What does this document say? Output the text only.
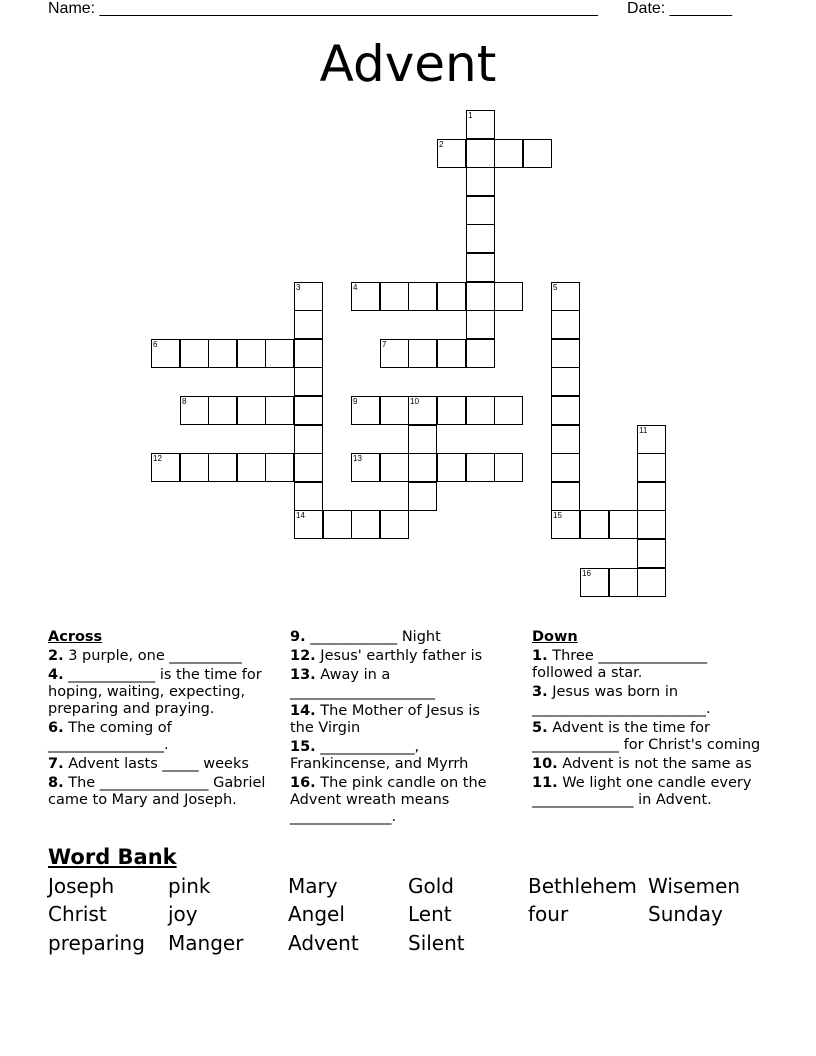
Name: ________________________________________________________ Date: _______
Advent
2
1
3	4	5
6	7
8	9	10
11
12	13
14	15
16
Across
2. 3 purple, one __________
4. ____________ is the time for hoping, waiting, expecting, preparing and praying.
6. The coming of ________________.
7. Advent lasts _____ weeks
8. The _______________ Gabriel came to Mary and Joseph.
9. ____________ Night
12. Jesus' earthly father is
13. Away in a ____________________
14. The Mother of Jesus is the Virgin
15. _____________, Frankincense, and Myrrh
16. The pink candle on the Advent wreath means ______________.
Down
1. Three _______________ followed a star.
3. Jesus was born in ________________________.
5. Advent is the time for ____________ for Christ's coming
10. Advent is not the same as
11. We light one candle every ______________ in Advent.
Word Bank
Joseph	pink	Mary	Gold	Bethlehem Wisemen
Christ	joy	Angel	Lent	four	Sunday
preparing Manger Advent Silent
